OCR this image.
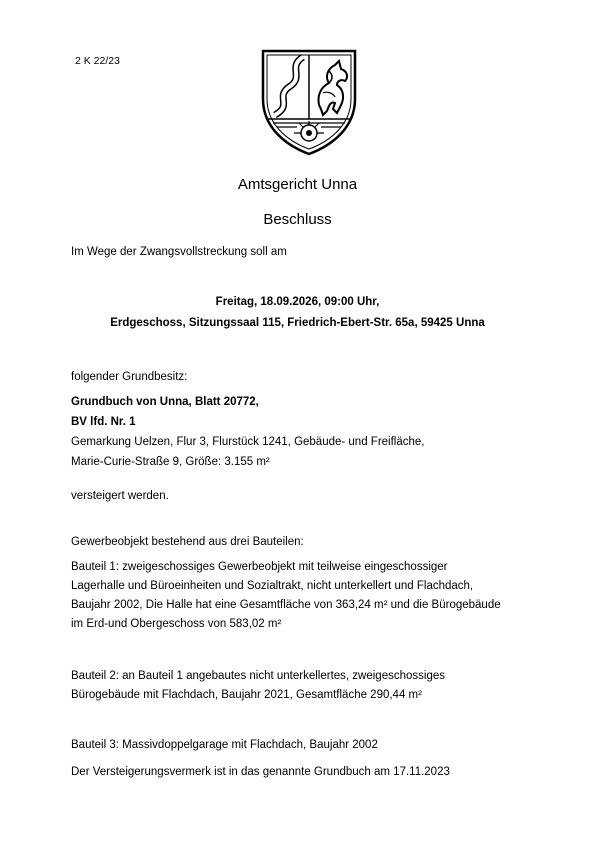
2 K 22/23
Amtsgericht Unna
Beschluss
Im Wege der Zwangsvollstreckung soll am
Freitag, 18.09.2026, 09:00 Uhr,
Erdgeschoss, Sitzungssaal 115, Friedrich-Ebert-Str. 65a, 59425 Unna
folgender Grundbesitz:
Grundbuch von Unna, Blatt 20772,
BV lfd. Nr. 1
Gemarkung Uelzen, Flur 3, Flurstück 1241, Gebäude- und Freifläche,
Marie-Curie-Straße 9, Größe: 3.155 m²
versteigert werden.
Gewerbeobjekt bestehend aus drei Bauteilen:
Bauteil 1: zweigeschossiges Gewerbeobjekt mit teilweise eingeschossiger
Lagerhalle und Büroeinheiten und Sozialtrakt, nicht unterkellert und Flachdach,
Baujahr 2002, Die Halle hat eine Gesamtfläche von 363,24 m² und die Bürogebäude
im Erd-und Obergeschoss von 583,02 m²
Bauteil 2: an Bauteil 1 angebautes nicht unterkellertes, zweigeschossiges
Bürogebäude mit Flachdach, Baujahr 2021, Gesamtfläche 290,44 m²
Bauteil 3: Massivdoppelgarage mit Flachdach, Baujahr 2002
Der Versteigerungsvermerk ist in das genannte Grundbuch am 17.11.2023
